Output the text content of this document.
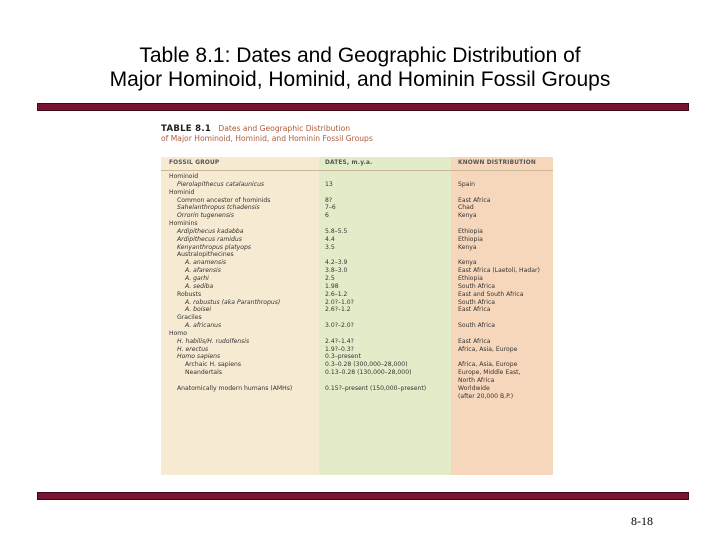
Table 8.1: Dates and Geographic Distribution of
Major Hominoid, Hominid, and Hominin Fossil Groups
TABLE 8.1 Dates and Geographic Distribution
of Major Hominoid, Hominid, and Hominin Fossil Groups
FOSSIL GROUP	DATES, m.y.a.	KNOWN DISTRIBUTION
Hominoid
Pierolapithecus catalaunicus	13	Spain
Hominid
Common ancestor of hominids	8?	East Africa
Sahelanthropus tchadensis	7–6	Chad
Orrorin tugenensis	6	Kenya
Hominins
Ardipithecus kadabba	5.8–5.5	Ethiopia
Ardipithecus ramidus	4.4	Ethiopia
Kenyanthropus platyops	3.5	Kenya
Australopithecines
A. anamensis	4.2–3.9	Kenya
A. afarensis	3.8–3.0	East Africa (Laetoli, Hadar)
A. garhi	2.5	Ethiopia
A. sediba	1.98	South Africa
Robusts	2.6–1.2	East and South Africa
A. robustus (aka Paranthropus)	2.0?–1.0?	South Africa
A. boisei	2.6?–1.2	East Africa
Graciles
A. africanus	3.0?–2.0?	South Africa
Homo
H. habilis/H. rudolfensis	2.4?–1.4?	East Africa
H. erectus	1.9?–0.3?	Africa, Asia, Europe
Homo sapiens	0.3–present
Archaic H. sapiens	0.3–0.28 (300,000–28,000)	Africa, Asia, Europe
Neandertals	0.13–0.28 (130,000–28,000)	Europe, Middle East,
North Africa
Anatomically modern humans (AMHs)	0.15?–present (150,000–present)	Worldwide
(after 20,000 B.P.)
8-18
